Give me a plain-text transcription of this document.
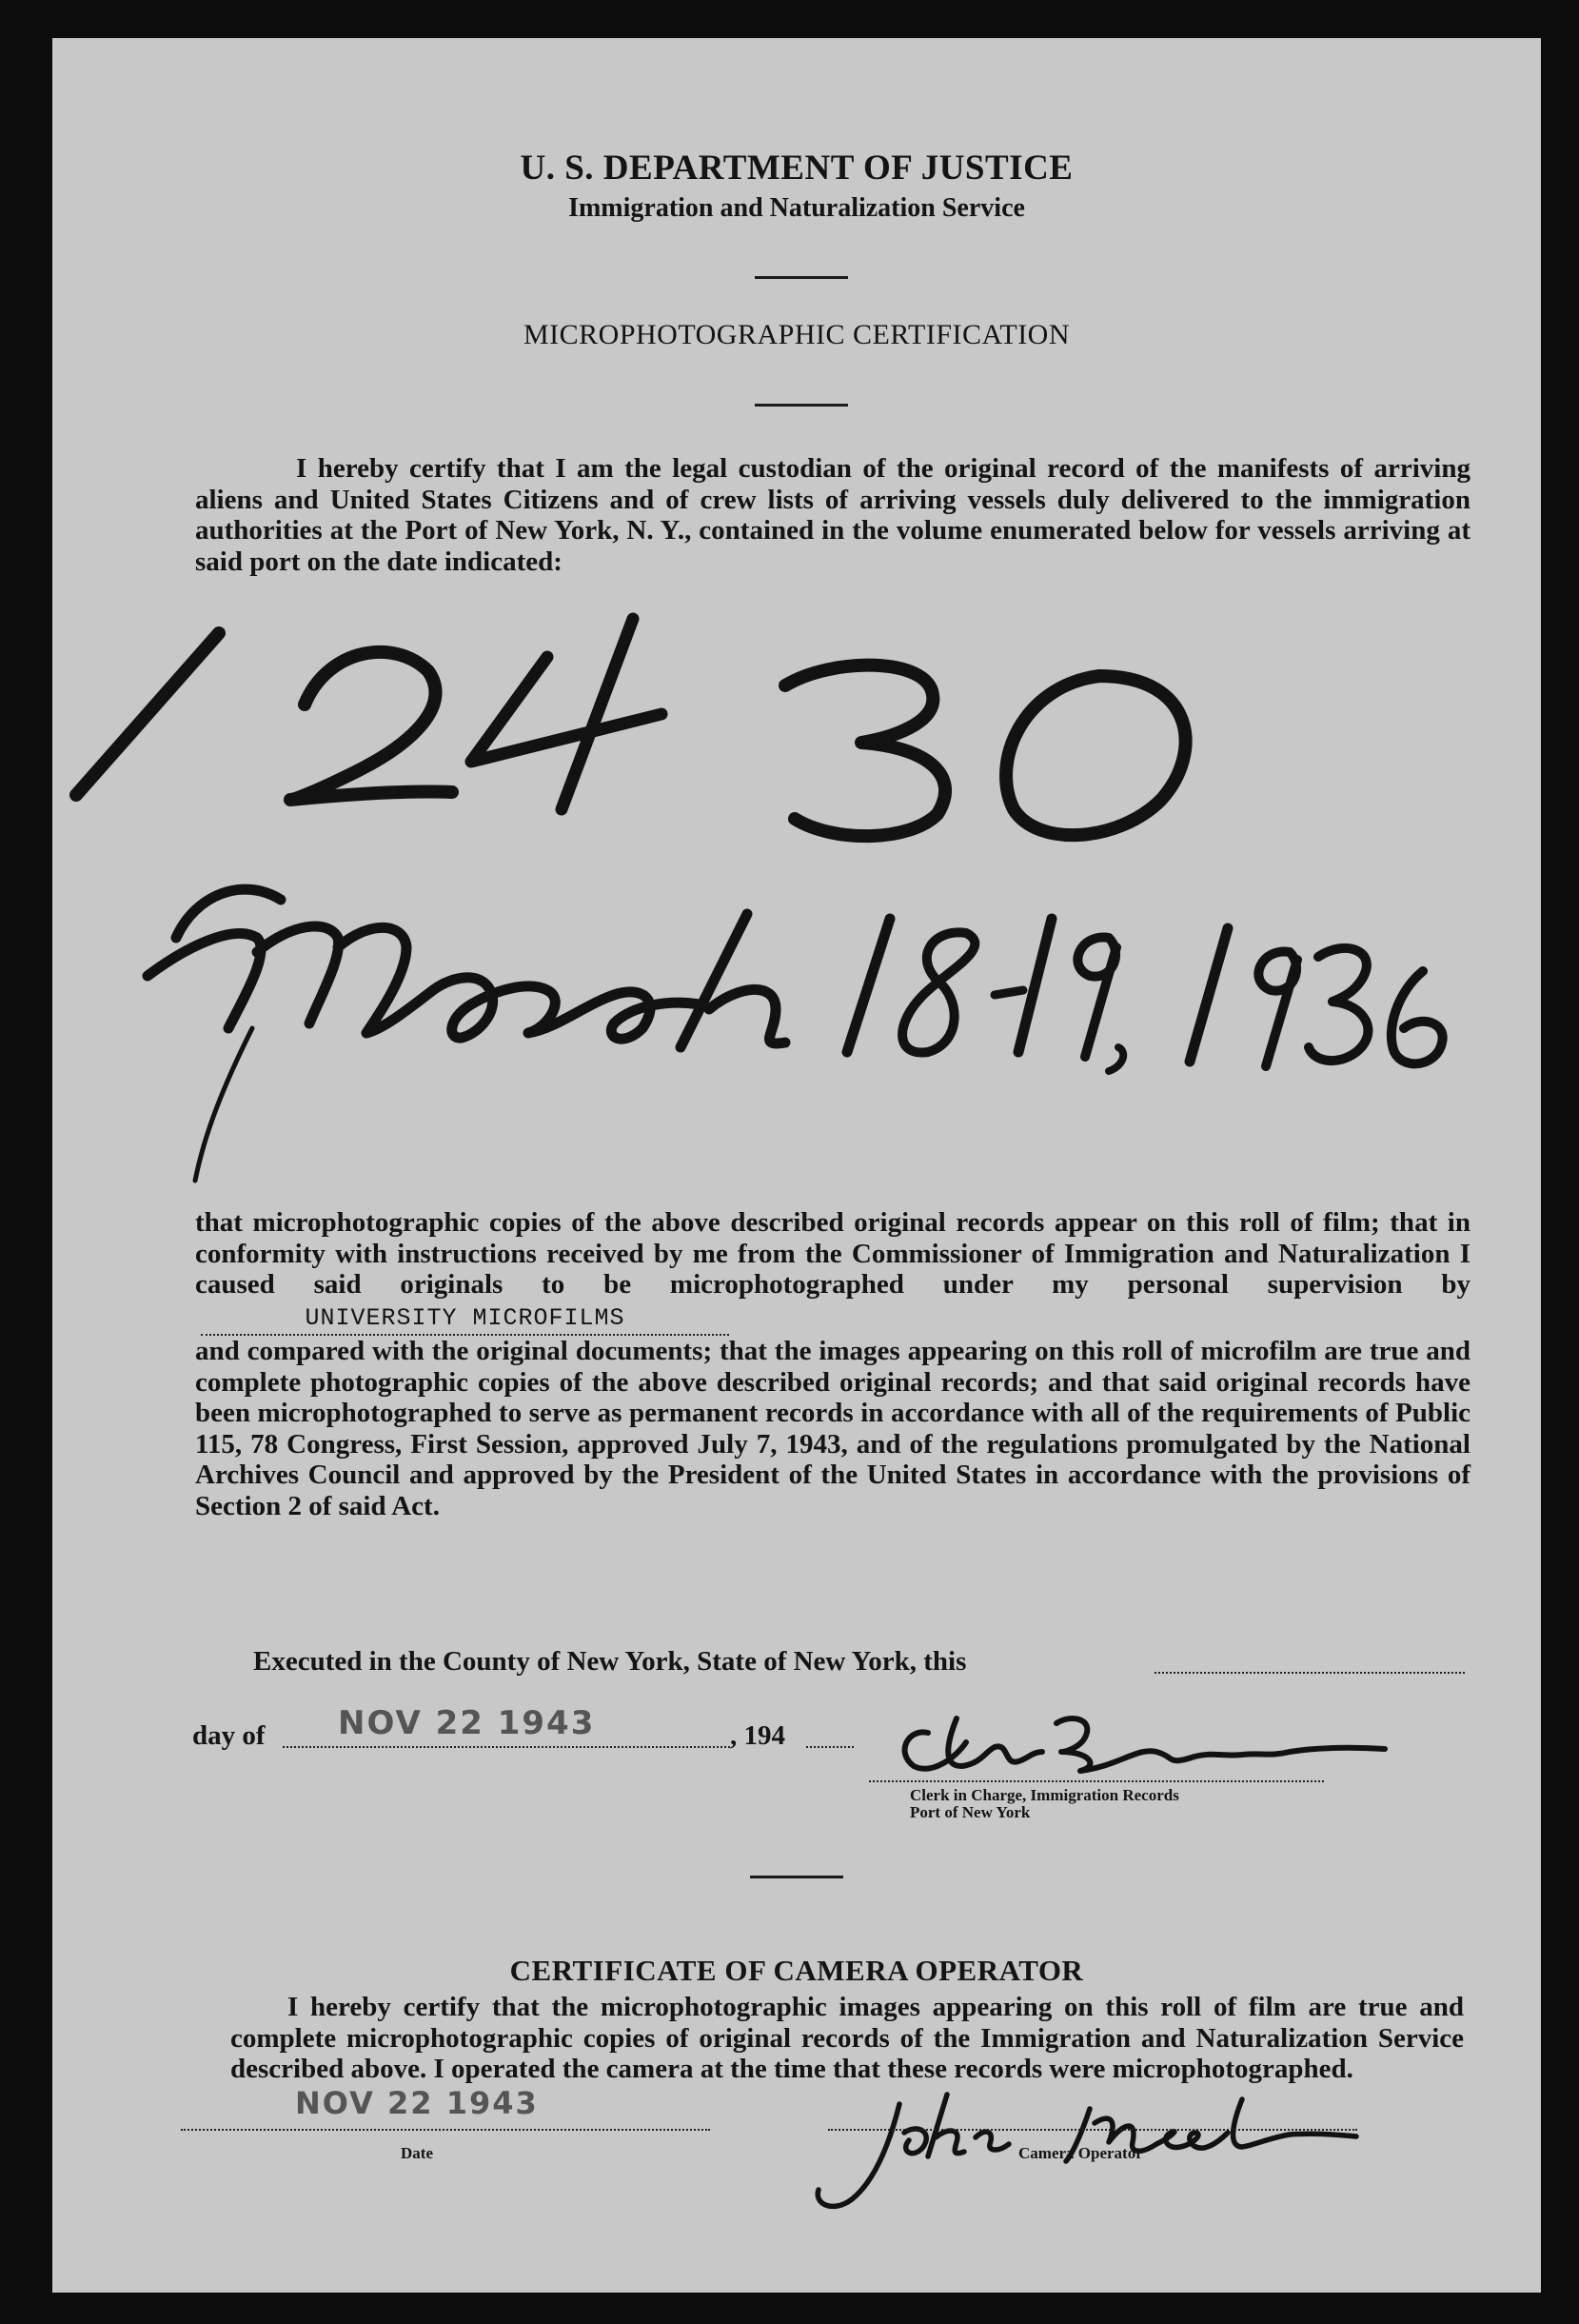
U. S. DEPARTMENT OF JUSTICE
Immigration and Naturalization Service
MICROPHOTOGRAPHIC CERTIFICATION

I hereby certify that I am the legal custodian of the original record of the manifests of arriving aliens and United States Citizens and of crew lists of arriving vessels duly delivered to the immigration authorities at the Port of New York, N. Y., contained in the volume enumerated below for vessels arriving at said port on the date indicated:

that microphotographic copies of the above described original records appear on this roll of film; that in conformity with instructions received by me from the Commissioner of Immigration and Naturalization I caused said originals to be microphotographed under my personal supervision byUNIVERSITY MICROFILMS

and compared with the original documents; that the images appearing on this roll of microfilm are true and complete photographic copies of the above described original records; and that said original records have been microphotographed to serve as permanent records in accordance with all of the requirements of Public 115, 78 Congress, First Session, approved July 7, 1943, and of the regulations promulgated by the National Archives Council and approved by the President of the United States in accordance with the provisions of Section 2 of said Act.

Executed in the County of New York, State of New York, this
day of NOV 22 1943	, 194
Clerk in Charge, Immigration Records
Port of New York
CERTIFICATE OF CAMERA OPERATOR

I hereby certify that the microphotographic images appearing on this roll of film are true and complete microphotographic copies of original records of the Immigration and Naturalization Service described above. I operated the camera at the time that these records were microphotographed.

NOV 22 1943
Date	Camera Operator
